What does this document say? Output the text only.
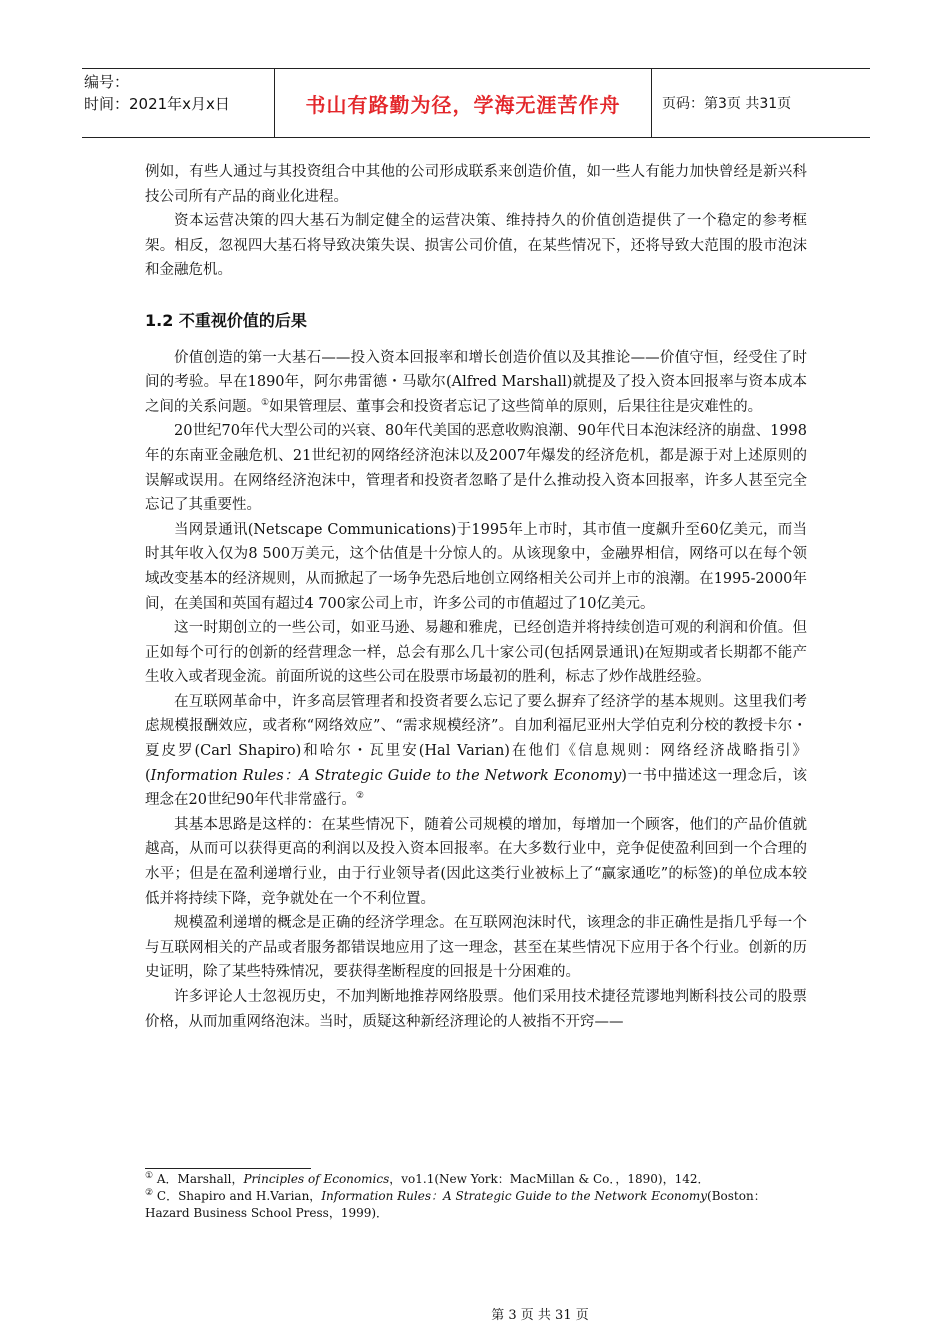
编号：
时间：2021年x月x日	书山有路勤为径，学海无涯苦作舟	页码：第3页 共31页

例如，有些人通过与其投资组合中其他的公司形成联系来创造价值，如一些人有能力加快曾经是新兴科技公司所有产品的商业化进程。

资本运营决策的四大基石为制定健全的运营决策、维持持久的价值创造提供了一个稳定的参考框架。相反，忽视四大基石将导致决策失误、损害公司价值，在某些情况下，还将导致大范围的股市泡沫和金融危机。

1.2 不重视价值的后果

价值创造的第一大基石——投入资本回报率和增长创造价值以及其推论——价值守恒，经受住了时间的考验。早在1890年，阿尔弗雷德・马歇尔(Alfred Marshall)就提及了投入资本回报率与资本成本之间的关系问题。①如果管理层、董事会和投资者忘记了这些简单的原则，后果往往是灾难性的。

20世纪70年代大型公司的兴衰、80年代美国的恶意收购浪潮、90年代日本泡沫经济的崩盘、1998年的东南亚金融危机、21世纪初的网络经济泡沫以及2007年爆发的经济危机，都是源于对上述原则的误解或误用。在网络经济泡沫中，管理者和投资者忽略了是什么推动投入资本回报率，许多人甚至完全忘记了其重要性。

当网景通讯(Netscape Communications)于1995年上市时，其市值一度飙升至60亿美元，而当时其年收入仅为8 500万美元，这个估值是十分惊人的。从该现象中，金融界相信，网络可以在每个领域改变基本的经济规则，从而掀起了一场争先恐后地创立网络相关公司并上市的浪潮。在1995-2000年间，在美国和英国有超过4 700家公司上市，许多公司的市值超过了10亿美元。

这一时期创立的一些公司，如亚马逊、易趣和雅虎，已经创造并将持续创造可观的利润和价值。但正如每个可行的创新的经营理念一样，总会有那么几十家公司(包括网景通讯)在短期或者长期都不能产生收入或者现金流。前面所说的这些公司在股票市场最初的胜利，标志了炒作战胜经验。

在互联网革命中，许多高层管理者和投资者要么忘记了要么摒弃了经济学的基本规则。这里我们考虑规模报酬效应，或者称“网络效应”、“需求规模经济”。自加利福尼亚州大学伯克利分校的教授卡尔・夏皮罗(Carl Shapiro)和哈尔・瓦里安(Hal Varian)在他们《信息规则：网络经济战略指引》(Information Rules：A Strategic Guide to the Network Economy)一书中描述这一理念后，该理念在20世纪90年代非常盛行。②

其基本思路是这样的：在某些情况下，随着公司规模的增加，每增加一个顾客，他们的产品价值就越高，从而可以获得更高的利润以及投入资本回报率。在大多数行业中，竞争促使盈利回到一个合理的水平；但是在盈利递增行业，由于行业领导者(因此这类行业被标上了“赢家通吃”的标签)的单位成本较低并将持续下降，竞争就处在一个不利位置。

规模盈利递增的概念是正确的经济学理念。在互联网泡沫时代，该理念的非正确性是指几乎每一个与互联网相关的产品或者服务都错误地应用了这一理念，甚至在某些情况下应用于各个行业。创新的历史证明，除了某些特殊情况，要获得垄断程度的回报是十分困难的。

许多评论人士忽视历史，不加判断地推荐网络股票。他们采用技术捷径荒谬地判断科技公司的股票价格，从而加重网络泡沫。当时，质疑这种新经济理论的人被指不开窍——

① A．Marshall，Principles of Economics，vo1.1(New York：MacMillan & Co．，1890)，142．

② C．Shapiro and H.Varian，Information Rules：A Strategic Guide to the Network Economy(Boston：Hazard Business School Press，1999)．

第 3 页 共 31 页
